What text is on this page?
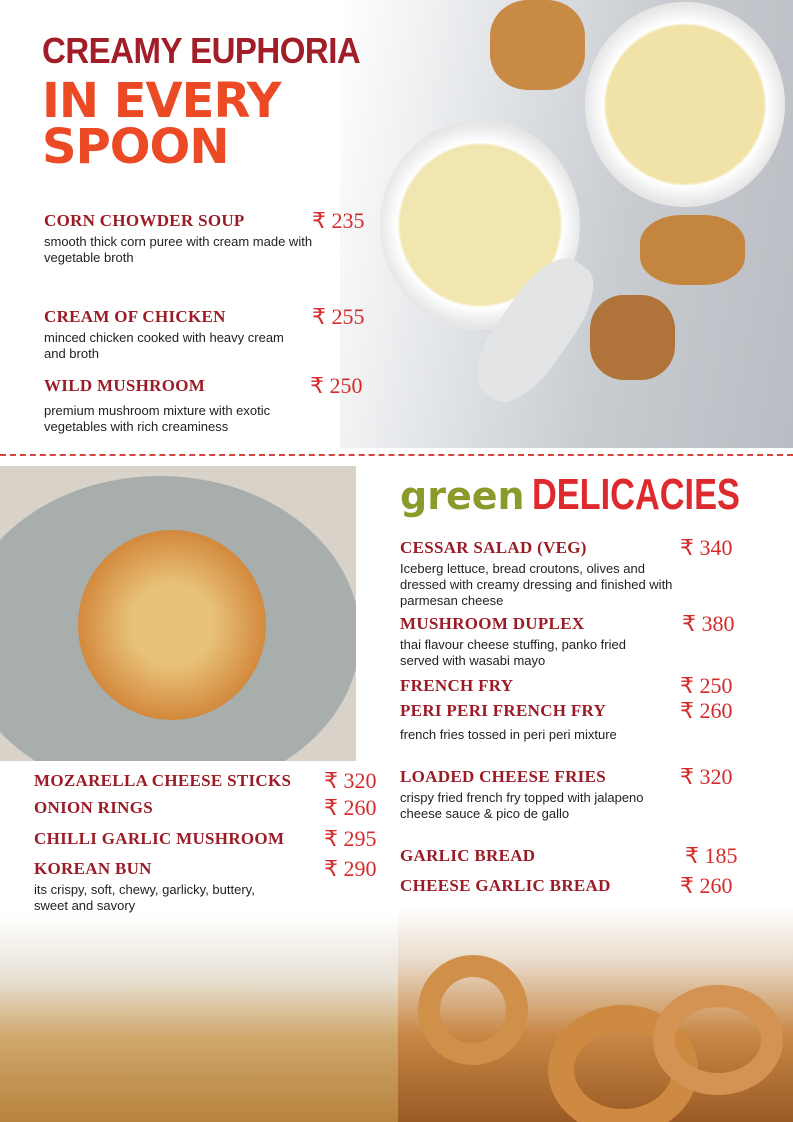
CREAMY EUPHORIA
IN EVERY
SPOON
CORN CHOWDER SOUP	₹ 235
smooth thick corn puree with cream made with vegetable broth
CREAM OF CHICKEN	₹ 255
minced chicken cooked with heavy cream and broth
WILD MUSHROOM	₹ 250
premium mushroom mixture with exotic vegetables with rich creaminess
MOZARELLA CHEESE STICKS	₹ 320
ONION RINGS	₹ 260
CHILLI GARLIC MUSHROOM	₹ 295
KOREAN BUN	₹ 290
its crispy, soft, chewy, garlicky, buttery, sweet and savory
green DELICACIES
CESSAR SALAD (VEG)	₹ 340
Iceberg lettuce, bread croutons, olives and dressed with creamy dressing and finished with parmesan cheese
MUSHROOM DUPLEX	₹ 380
thai flavour cheese stuffing, panko fried served with wasabi mayo
FRENCH FRY	₹ 250
PERI PERI FRENCH FRY	₹ 260
french fries tossed in peri peri mixture
LOADED CHEESE FRIES	₹ 320
crispy fried french fry topped with jalapeno cheese sauce & pico de gallo
GARLIC BREAD	₹ 185
CHEESE GARLIC BREAD	₹ 260
